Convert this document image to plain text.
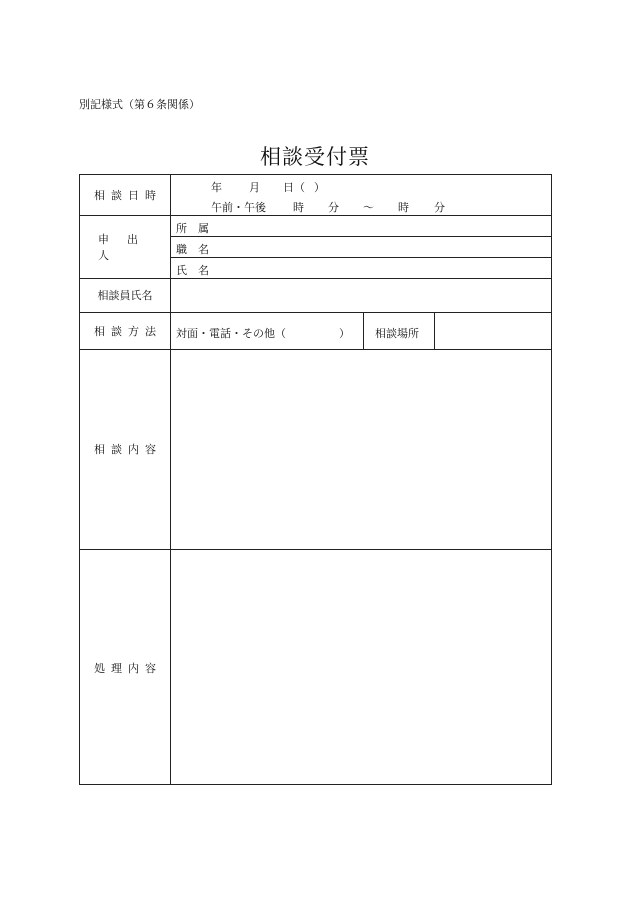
別記様式（第６条関係）
相談受付票
相談日時
年 月 日（ ）
午前・午後 時 分 ～ 時 分
申出人
所　属
職　名
氏　名
相談員氏名
相談方法 対面・電話・その他（	） 相談場所
相談内容
処理内容
